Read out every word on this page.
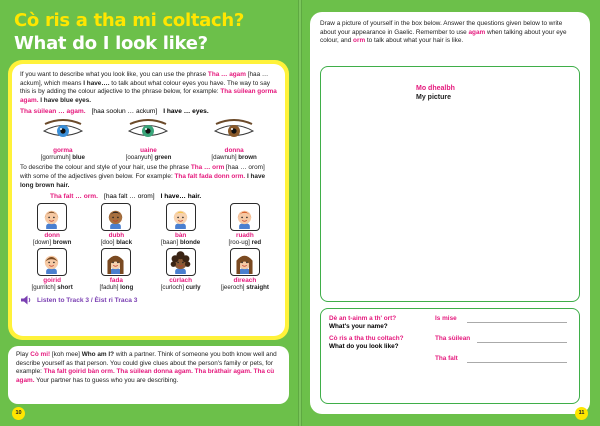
Cò ris a tha mi coltach?
What do I look like?

If you want to describe what you look like, you can use the phrase Tha … agam [haa … ackum], which means I have…. to talk about what colour eyes you have. The way to say this is by adding the colour adjective to the phrase below, for example: Tha sùilean gorma agam. I have blue eyes.

Tha sùilean … agam. [haa soolun … ackum] I have … eyes.
gorma
[gorrumuh] blue
uaine
[ooanyuh] green
donna
[dawnuh] brown

To describe the colour and style of your hair, use the phrase Tha … orm [haa … orom] with some of the adjectives given below. For example: Tha falt fada donn orm. I have long brown hair.

Tha falt … orm. [haa falt … orom] I have… hair.
donn
[down] brown
dubh
[doo] black
bàn
[baan] blonde
ruadh
[roo-ug] red
goirid
[gurritch] short
fada
[faduh] long
cùrlach
[curloch] curly
dìreach
[jeeroch] straight
Listen to Track 3 / Èist ri Traca 3

Play Cò mi! [koh mee] Who am I? with a partner. Think of someone you both know well and describe yourself as that person. You could give clues about the person's family or pets, for example: Tha falt goirid bàn orm. Tha sùilean donna agam. Tha bràthair agam. Tha cù agam. Your partner has to guess who you are describing.

10

Draw a picture of yourself in the box below. Answer the questions given below to write about your appearance in Gaelic. Remember to use agam when talking about your eye colour, and orm to talk about what your hair is like.

Mo dhealbh
My picture
Dè an t-ainm a th' ort?
What's your name?
Cò ris a tha thu coltach?
What do you look like?
Is mise
Tha sùilean
Tha falt
11
